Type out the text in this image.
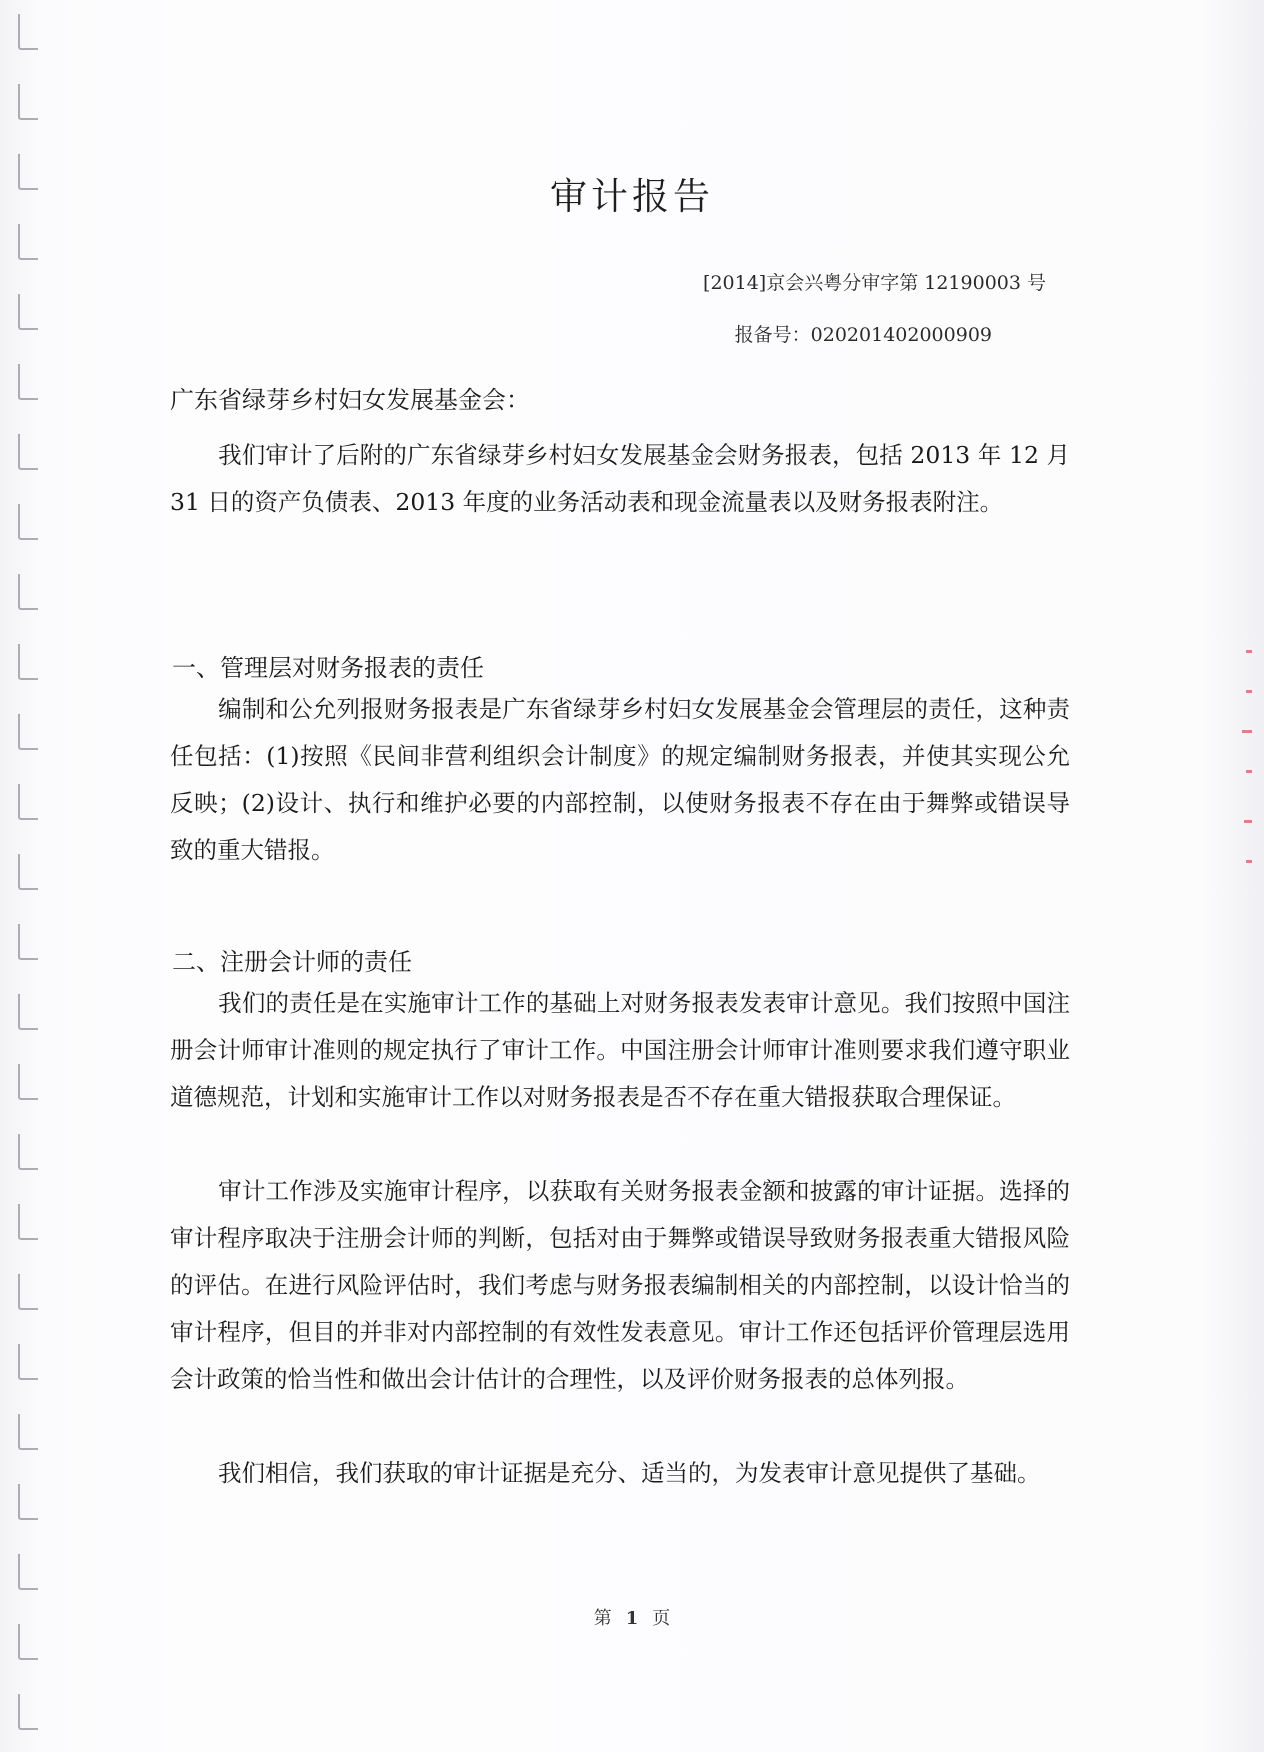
审计报告
[2014]京会兴粤分审字第 12190003 号
报备号：020201402000909
广东省绿芽乡村妇女发展基金会：
我们审计了后附的广东省绿芽乡村妇女发展基金会财务报表，包括 2013 年 12 月 31 日的资产负债表、2013 年度的业务活动表和现金流量表以及财务报表附注。
一、管理层对财务报表的责任
编制和公允列报财务报表是广东省绿芽乡村妇女发展基金会管理层的责任，这种责任包括：(1)按照《民间非营利组织会计制度》的规定编制财务报表，并使其实现公允反映；(2)设计、执行和维护必要的内部控制，以使财务报表不存在由于舞弊或错误导致的重大错报。
二、注册会计师的责任
我们的责任是在实施审计工作的基础上对财务报表发表审计意见。我们按照中国注册会计师审计准则的规定执行了审计工作。中国注册会计师审计准则要求我们遵守职业道德规范，计划和实施审计工作以对财务报表是否不存在重大错报获取合理保证。
审计工作涉及实施审计程序，以获取有关财务报表金额和披露的审计证据。选择的审计程序取决于注册会计师的判断，包括对由于舞弊或错误导致财务报表重大错报风险的评估。在进行风险评估时，我们考虑与财务报表编制相关的内部控制，以设计恰当的审计程序，但目的并非对内部控制的有效性发表意见。审计工作还包括评价管理层选用会计政策的恰当性和做出会计估计的合理性，以及评价财务报表的总体列报。
我们相信，我们获取的审计证据是充分、适当的，为发表审计意见提供了基础。
第 1 页
